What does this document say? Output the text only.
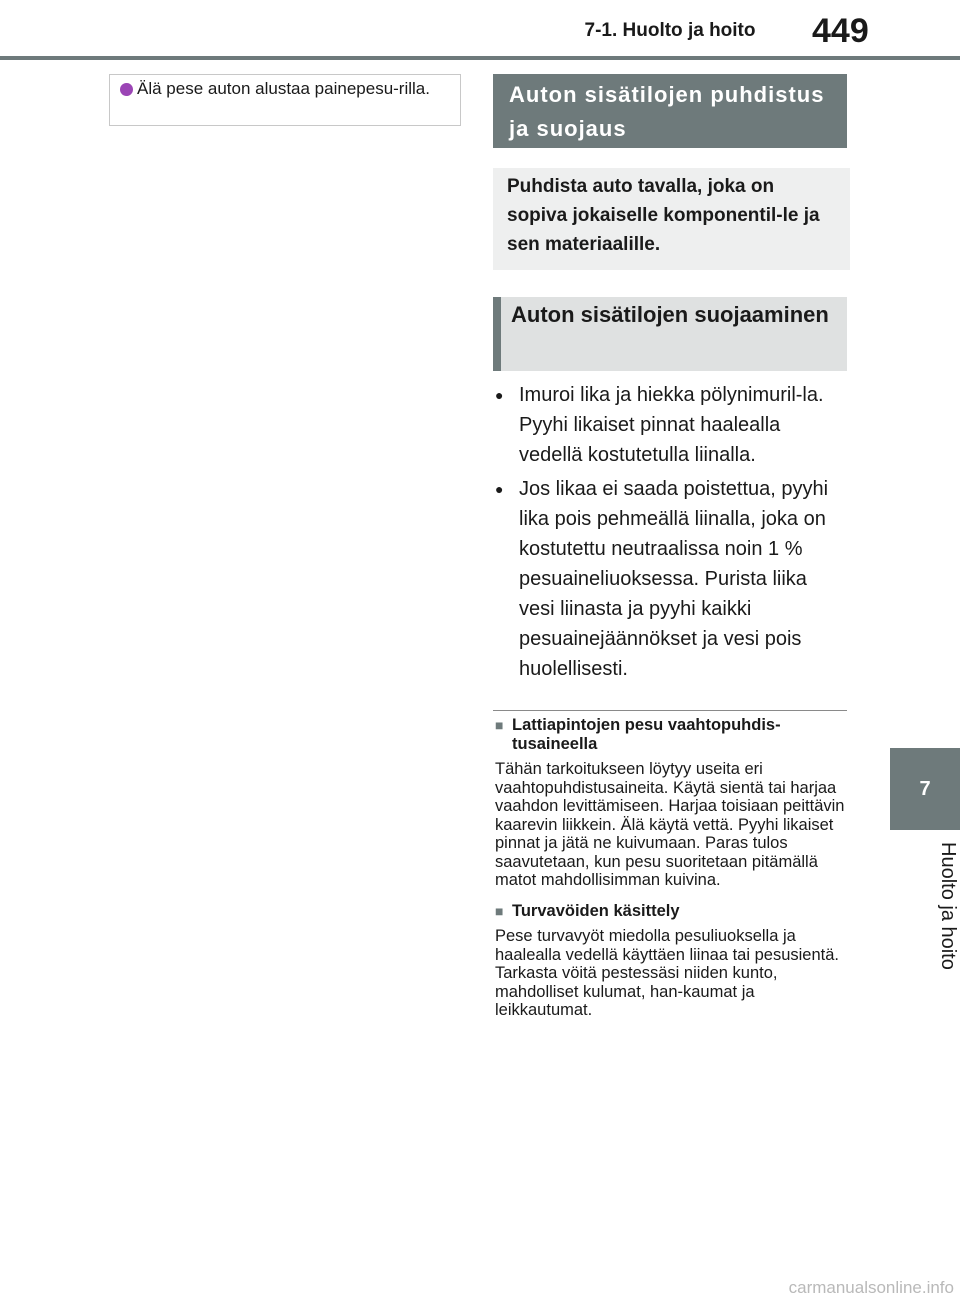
7-1. Huolto ja hoito	449
7
Huolto ja hoito
Älä pese auton alustaa painepesu-rilla.	Auton sisätilojen puhdistus ja suojaus
Puhdista auto tavalla, joka on sopiva jokaiselle komponentil-le ja sen materiaalille.
Auton sisätilojen suojaaminen
● Imuroi lika ja hiekka pölynimuril-la. Pyyhi likaiset pinnat haalealla vedellä kostutetulla liinalla.
● Jos likaa ei saada poistettua, pyyhi lika pois pehmeällä liinalla, joka on kostutettu neutraalissa noin 1 % pesuaineliuoksessa. Purista liika vesi liinasta ja pyyhi kaikki pesuainejäännökset ja vesi pois huolellisesti.
■ Lattiapintojen pesu vaahtopuhdis-tusaineella

Tähän tarkoitukseen löytyy useita eri vaahtopuhdistusaineita. Käytä sientä tai harjaa vaahdon levittämiseen. Harjaa toisiaan peittävin kaarevin liikkein. Älä käytä vettä. Pyyhi likaiset pinnat ja jätä ne kuivumaan. Paras tulos saavutetaan, kun pesu suoritetaan pitämällä matot mahdollisimman kuivina.

■ Turvavöiden käsittely

Pese turvavyöt miedolla pesuliuoksella ja haalealla vedellä käyttäen liinaa tai pesusientä. Tarkasta vöitä pestessäsi niiden kunto, mahdolliset kulumat, han-kaumat ja leikkautumat.

carmanualsonline.info
